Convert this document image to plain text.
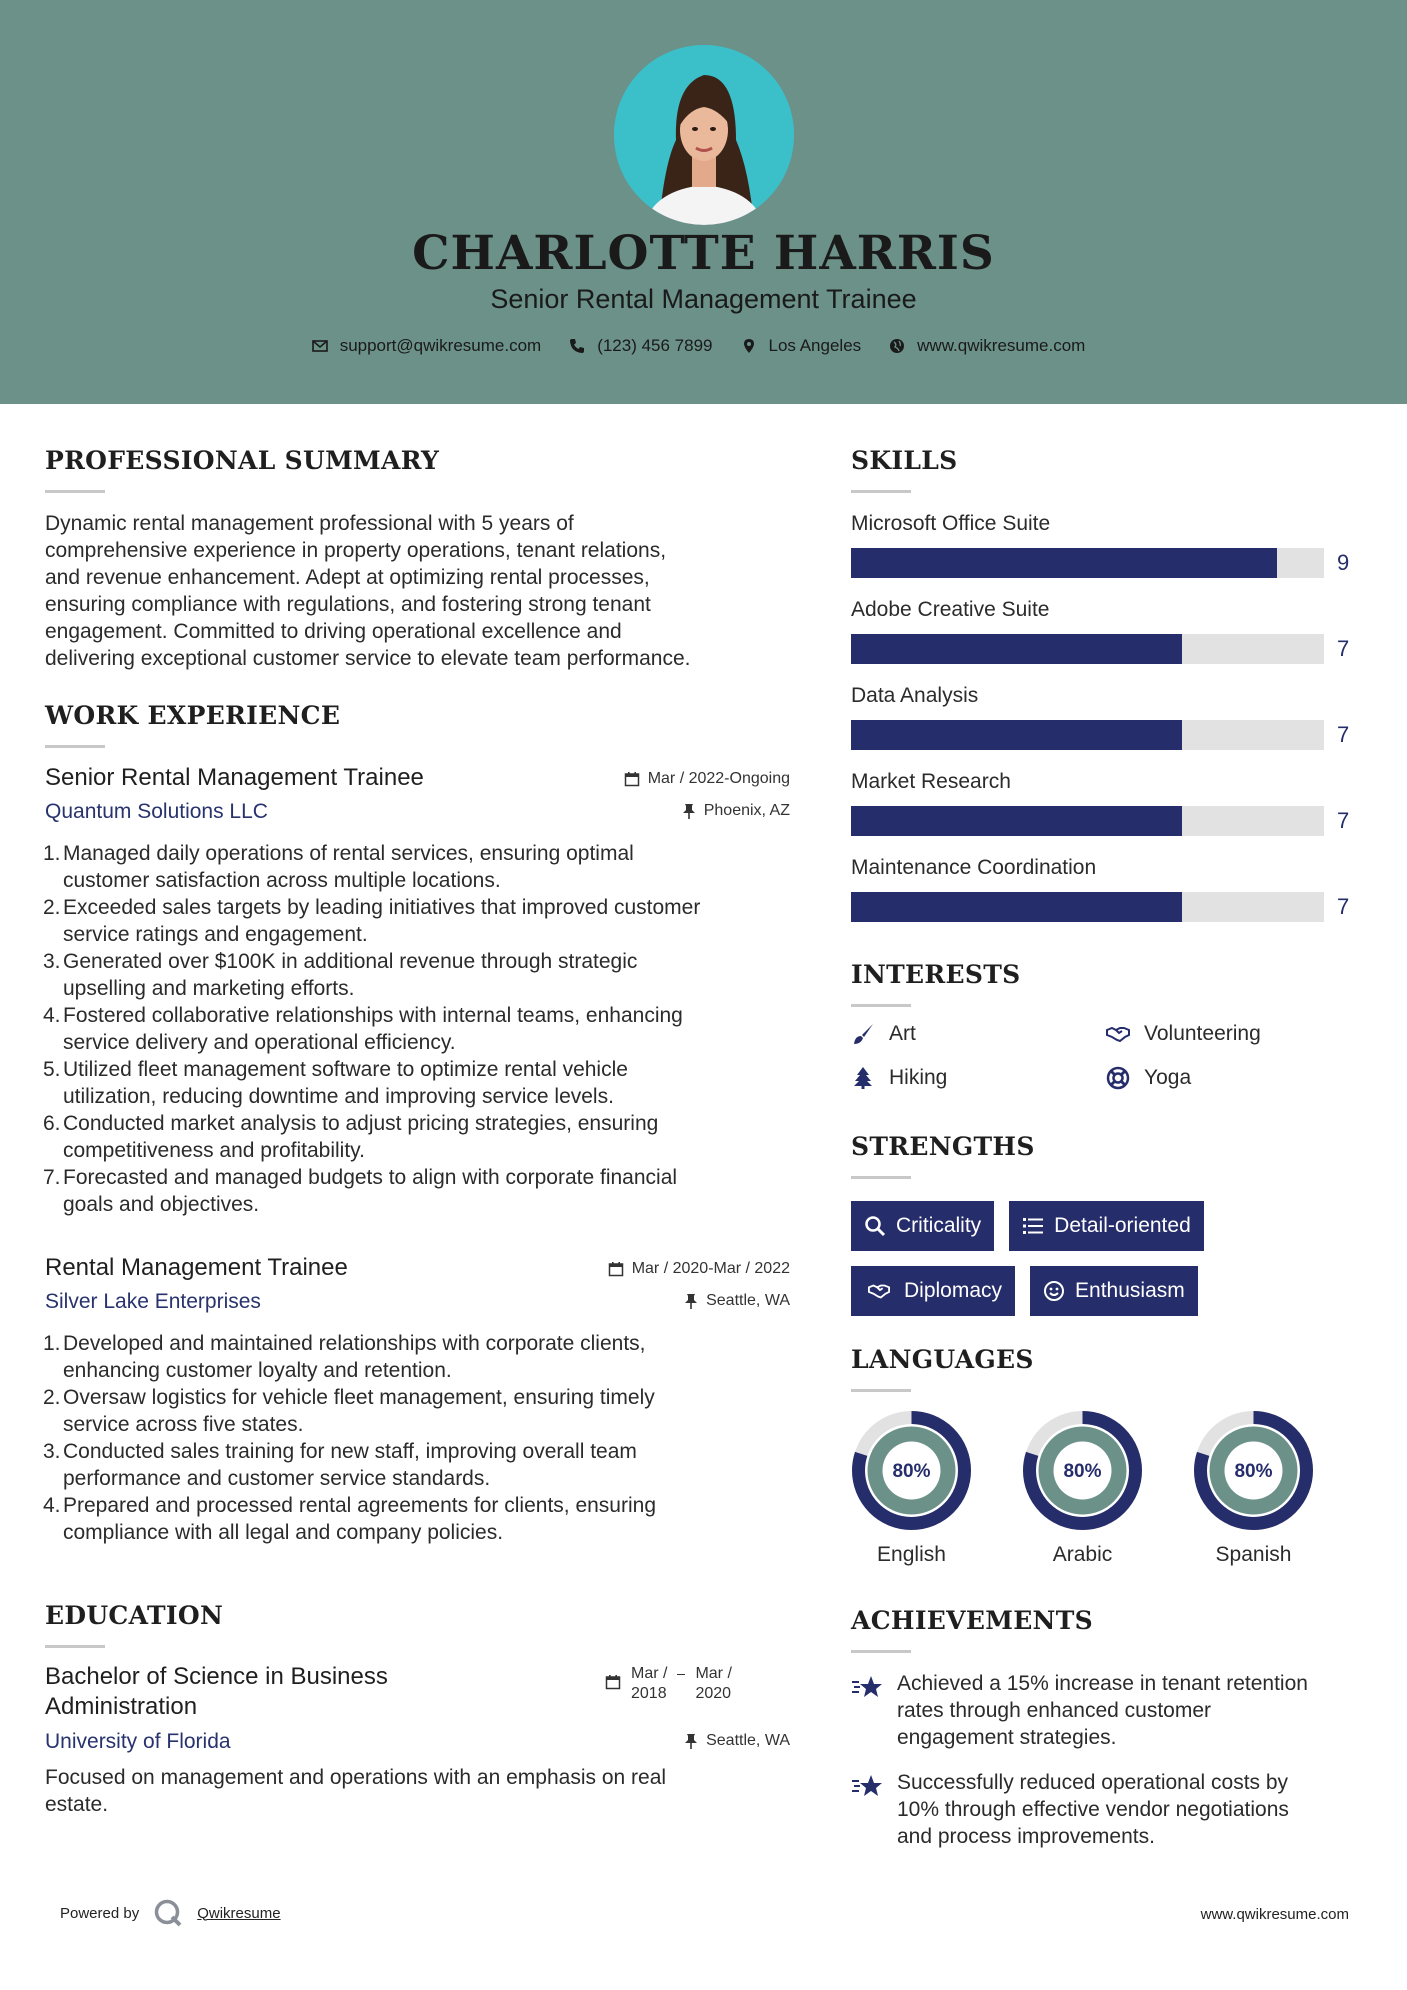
CHARLOTTE HARRIS
Senior Rental Management Trainee
support@qwikresume.com	(123) 456 7899	Los Angeles	www.qwikresume.com
PROFESSIONAL SUMMARY
Dynamic rental management professional with 5 years of
comprehensive experience in property operations, tenant relations,
and revenue enhancement. Adept at optimizing rental processes,
ensuring compliance with regulations, and fostering strong tenant
engagement. Committed to driving operational excellence and
delivering exceptional customer service to elevate team performance.
WORK EXPERIENCE
Senior Rental Management Trainee
Quantum Solutions LLC
Mar / 2022-Ongoing
Phoenix, AZ
1. Managed daily operations of rental services, ensuring optimal
customer satisfaction across multiple locations.
2. Exceeded sales targets by leading initiatives that improved customer
service ratings and engagement.
3. Generated over $100K in additional revenue through strategic
upselling and marketing efforts.
4. Fostered collaborative relationships with internal teams, enhancing
service delivery and operational efficiency.
5. Utilized fleet management software to optimize rental vehicle
utilization, reducing downtime and improving service levels.
6. Conducted market analysis to adjust pricing strategies, ensuring
competitiveness and profitability.
7. Forecasted and managed budgets to align with corporate financial
goals and objectives.
Rental Management Trainee
Silver Lake Enterprises
Mar / 2020-Mar / 2022
Seattle, WA
1. Developed and maintained relationships with corporate clients,
enhancing customer loyalty and retention.
2. Oversaw logistics for vehicle fleet management, ensuring timely
service across five states.
3. Conducted sales training for new staff, improving overall team
performance and customer service standards.
4. Prepared and processed rental agreements for clients, ensuring
compliance with all legal and company policies.
EDUCATION
Bachelor of Science in Business
Administration
University of Florida
Focused on management and operations with an emphasis on real
estate.
Mar /
2018
Mar /
2020
Seattle, WA
SKILLS
Microsoft Office Suite
9
Adobe Creative Suite
7
Data Analysis
7
Market Research
7
Maintenance Coordination
7
INTERESTS
Art	Volunteering
Hiking	Yoga
STRENGTHS
Criticality	Detail-oriented
Diplomacy	Enthusiasm
LANGUAGES
80%
English
80%
Arabic
80%
Spanish
ACHIEVEMENTS
Achieved a 15% increase in tenant retention
rates through enhanced customer
engagement strategies.
Successfully reduced operational costs by
10% through effective vendor negotiations
and process improvements.
Powered by	Qwikresume	www.qwikresume.com
